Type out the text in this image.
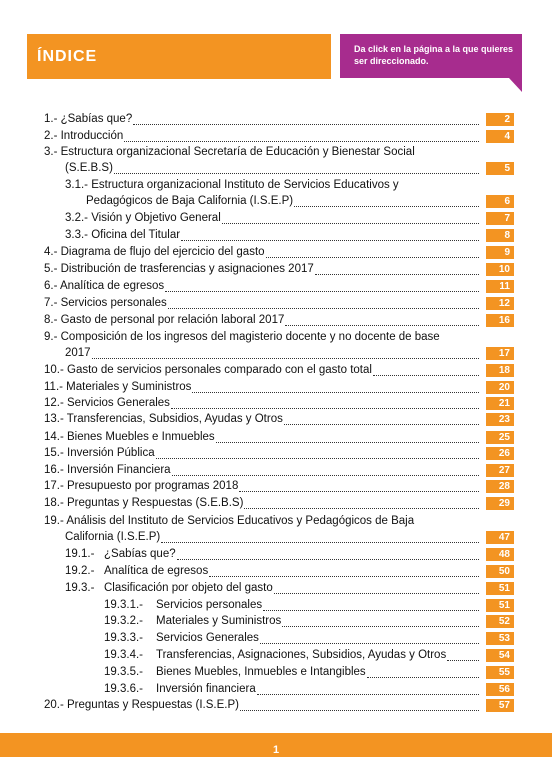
ÍNDICE	Da click en la página a la que quieres ser direccionado.
1.- ¿Sabías que?	2
2.- Introducción	4
3.- Estructura organizacional Secretaría de Educación y Bienestar Social
(S.E.B.S)	5
3.1.- Estructura organizacional Instituto de Servicios Educativos y
Pedagógicos de Baja California (I.S.E.P)	6
3.2.- Visión y Objetivo General	7
3.3.- Oficina del Titular	8
4.- Diagrama de flujo del ejercicio del gasto	9
5.- Distribución de trasferencias y asignaciones 2017	10
6.- Analítica de egresos	11
7.- Servicios personales	12
8.- Gasto de personal por relación laboral 2017	16
9.- Composición de los ingresos del magisterio docente y no docente de base
2017	17
10.- Gasto de servicios personales comparado con el gasto total	18
11.- Materiales y Suministros	20
12.- Servicios Generales	21
13.- Transferencias, Subsidios, Ayudas y Otros	23
14.- Bienes Muebles e Inmuebles	25
15.- Inversión Pública	26
16.- Inversión Financiera	27
17.- Presupuesto por programas 2018	28
18.- Preguntas y Respuestas (S.E.B.S)	29
19.- Análisis del Instituto de Servicios Educativos y Pedagógicos de Baja
California (I.S.E.P)	47
19.1.- ¿Sabías que?	48
19.2.- Analítica de egresos	50
19.3.- Clasificación por objeto del gasto	51
19.3.1.- Servicios personales	51
19.3.2.- Materiales y Suministros	52
19.3.3.- Servicios Generales	53
19.3.4.- Transferencias, Asignaciones, Subsidios, Ayudas y Otros	54
19.3.5.- Bienes Muebles, Inmuebles e Intangibles	55
19.3.6.- Inversión financiera	56
20.- Preguntas y Respuestas (I.S.E.P)	57
1
